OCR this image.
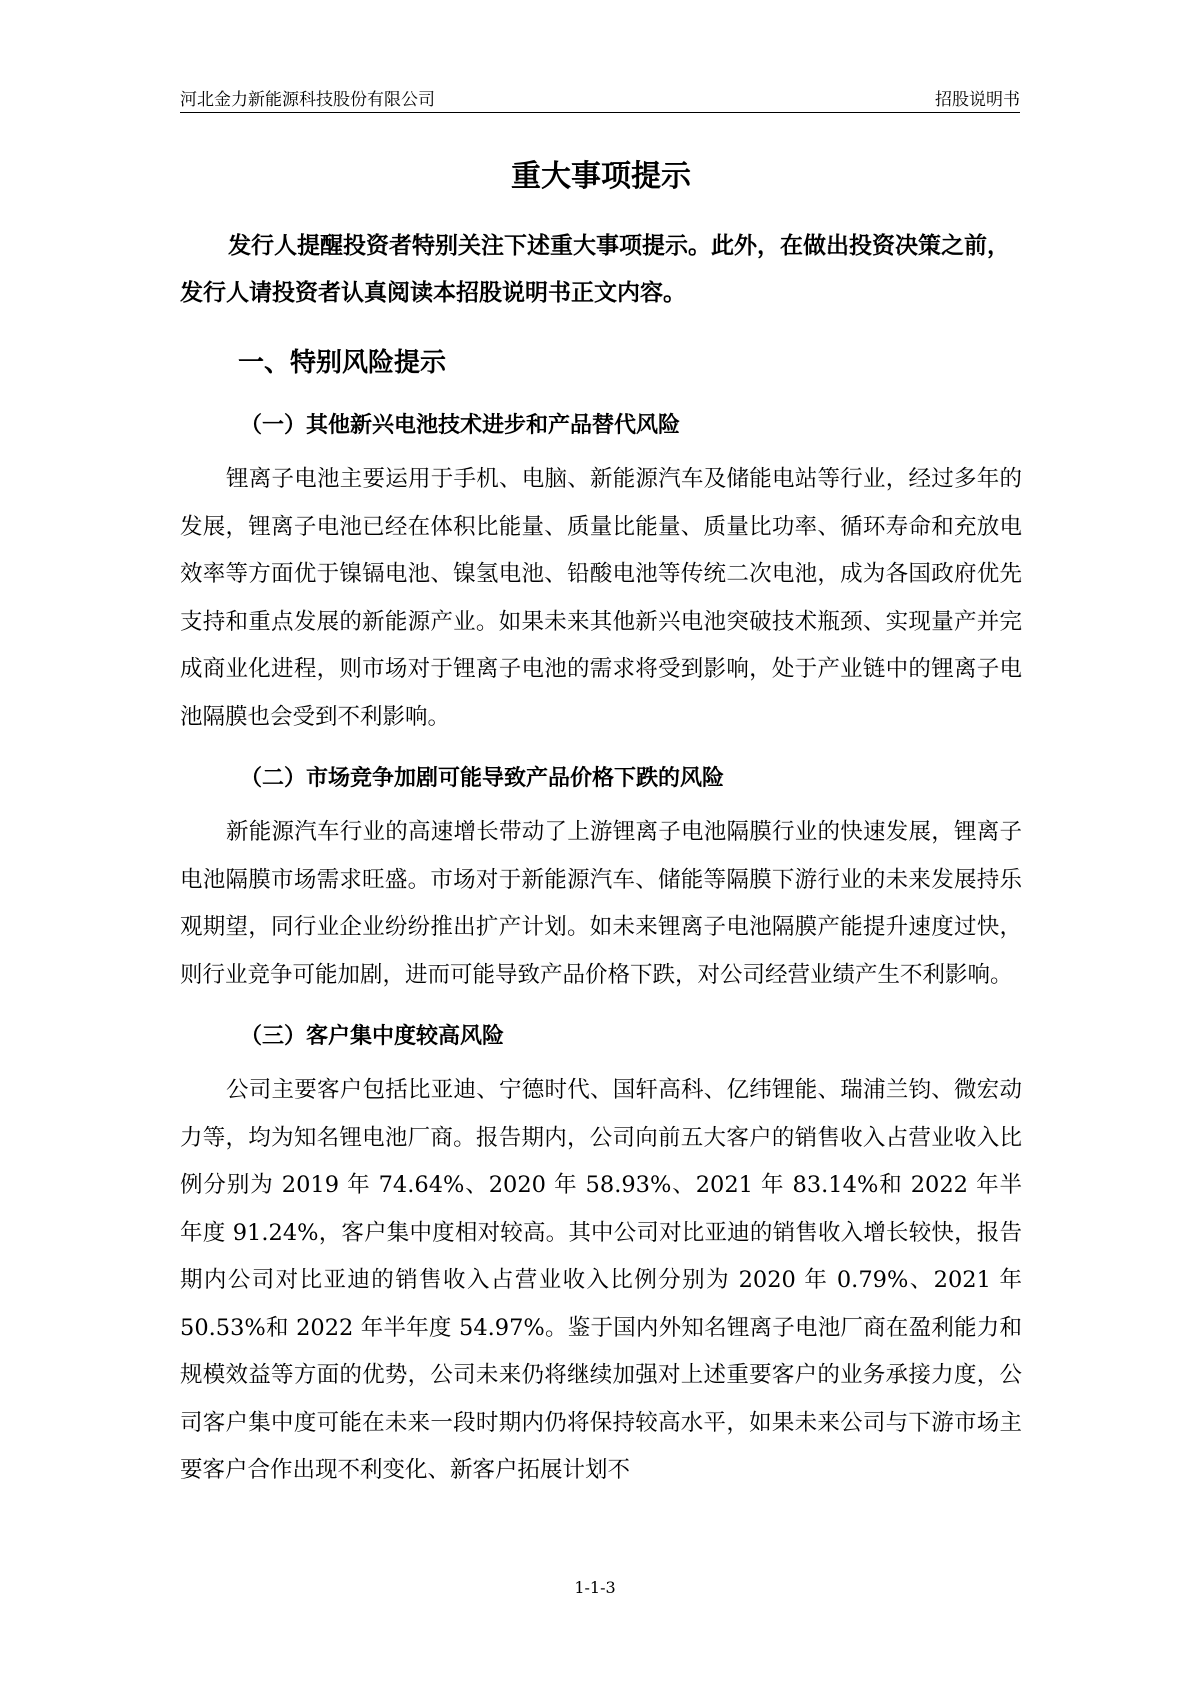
河北金力新能源科技股份有限公司	招股说明书
重大事项提示

发行人提醒投资者特别关注下述重大事项提示。此外，在做出投资决策之前，发行人请投资者认真阅读本招股说明书正文内容。

一、特别风险提示
（一）其他新兴电池技术进步和产品替代风险

锂离子电池主要运用于手机、电脑、新能源汽车及储能电站等行业，经过多年的发展，锂离子电池已经在体积比能量、质量比能量、质量比功率、循环寿命和充放电效率等方面优于镍镉电池、镍氢电池、铅酸电池等传统二次电池，成为各国政府优先支持和重点发展的新能源产业。如果未来其他新兴电池突破技术瓶颈、实现量产并完成商业化进程，则市场对于锂离子电池的需求将受到影响，处于产业链中的锂离子电池隔膜也会受到不利影响。

（二）市场竞争加剧可能导致产品价格下跌的风险

新能源汽车行业的高速增长带动了上游锂离子电池隔膜行业的快速发展，锂离子电池隔膜市场需求旺盛。市场对于新能源汽车、储能等隔膜下游行业的未来发展持乐观期望，同行业企业纷纷推出扩产计划。如未来锂离子电池隔膜产能提升速度过快，则行业竞争可能加剧，进而可能导致产品价格下跌，对公司经营业绩产生不利影响。

（三）客户集中度较高风险

公司主要客户包括比亚迪、宁德时代、国轩高科、亿纬锂能、瑞浦兰钧、微宏动力等，均为知名锂电池厂商。报告期内，公司向前五大客户的销售收入占营业收入比例分别为 2019 年 74.64%、2020 年 58.93%、2021 年 83.14%和 2022 年半年度 91.24%，客户集中度相对较高。其中公司对比亚迪的销售收入增长较快，报告期内公司对比亚迪的销售收入占营业收入比例分别为 2020 年 0.79%、2021 年 50.53%和 2022 年半年度 54.97%。鉴于国内外知名锂离子电池厂商在盈利能力和规模效益等方面的优势，公司未来仍将继续加强对上述重要客户的业务承接力度，公司客户集中度可能在未来一段时期内仍将保持较高水平，如果未来公司与下游市场主要客户合作出现不利变化、新客户拓展计划不

1-1-3
